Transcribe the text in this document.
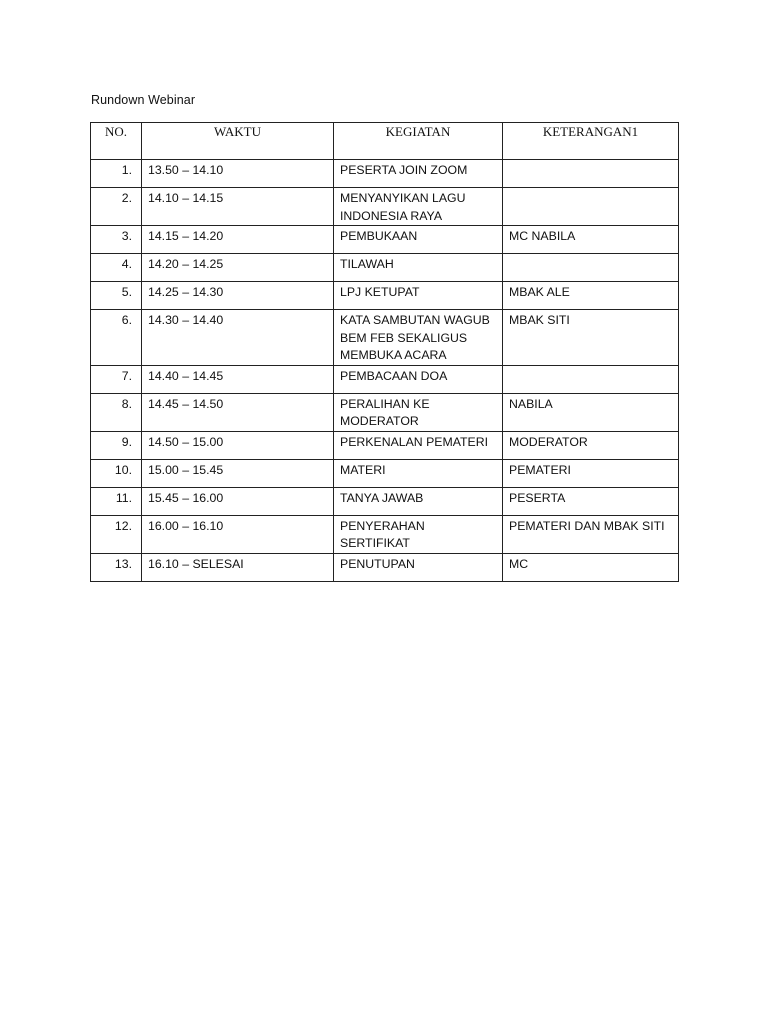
Rundown Webinar
NO.	WAKTU	KEGIATAN	KETERANGAN1
1.	13.50 – 14.10	PESERTA JOIN ZOOM	
2.	14.10 – 14.15	MENYANYIKAN LAGU INDONESIA RAYA	
3.	14.15 – 14.20	PEMBUKAAN	MC NABILA
4.	14.20 – 14.25	TILAWAH	
5.	14.25 – 14.30	LPJ KETUPAT	MBAK ALE
6.	14.30 – 14.40	KATA SAMBUTAN WAGUB BEM FEB SEKALIGUS MEMBUKA ACARA	MBAK SITI
7.	14.40 – 14.45	PEMBACAAN DOA	
8.	14.45 – 14.50	PERALIHAN KE MODERATOR	NABILA
9.	14.50 – 15.00	PERKENALAN PEMATERI	MODERATOR
10.	15.00 – 15.45	MATERI	PEMATERI
11.	15.45 – 16.00	TANYA JAWAB	PESERTA
12.	16.00 – 16.10	PENYERAHAN SERTIFIKAT	PEMATERI DAN MBAK SITI
13.	16.10 – SELESAI	PENUTUPAN	MC
